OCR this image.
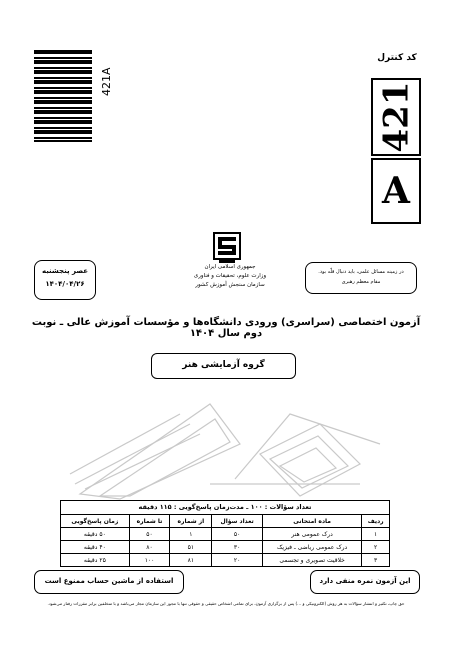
421A
کد کنترل
421
A
جمهوری اسلامی ایران
وزارت علوم، تحقیقات و فناوری
سازمان سنجش آموزش کشور
عصر پنجشنبه
۱۴۰۴/۰۴/۲۶
در زمینه مسائل علمی، باید دنبال قلّه بود.
مقام معظم رهبری
آزمون اختصاصی (سراسری) ورودی دانشگاه‌ها و مؤسسات آموزش عالی ـ نوبت دوم سال ۱۴۰۴
گروه آزمایشی هنر
تعداد سؤالات : ۱۰۰ ـ مدت‌زمان پاسخ‌گویی : ۱۱۵ دقیقه					
ردیف	ماده امتحانی	تعداد سؤال	از شماره	تا شماره	زمان پاسخ‌گویی
۱	درک عمومی هنر	۵۰	۱	۵۰	۵۰ دقیقه
۲	درک عمومی ریاضی ـ فیزیک	۳۰	۵۱	۸۰	۴۰ دقیقه
۳	خلاقیت تصویری و تجسمی	۲۰	۸۱	۱۰۰	۲۵ دقیقه
استفاده از ماشین حساب ممنوع است	این آزمون نمره منفی دارد
حق چاپ، تکثیر و انتشار سؤالات به هر روش (الکترونیکی و ...) پس از برگزاری آزمون، برای تمامی اشخاص حقیقی و حقوقی تنها با مجوز این سازمان مجاز می‌باشد و با متخلفین برابر مقررات رفتار می‌شود.
